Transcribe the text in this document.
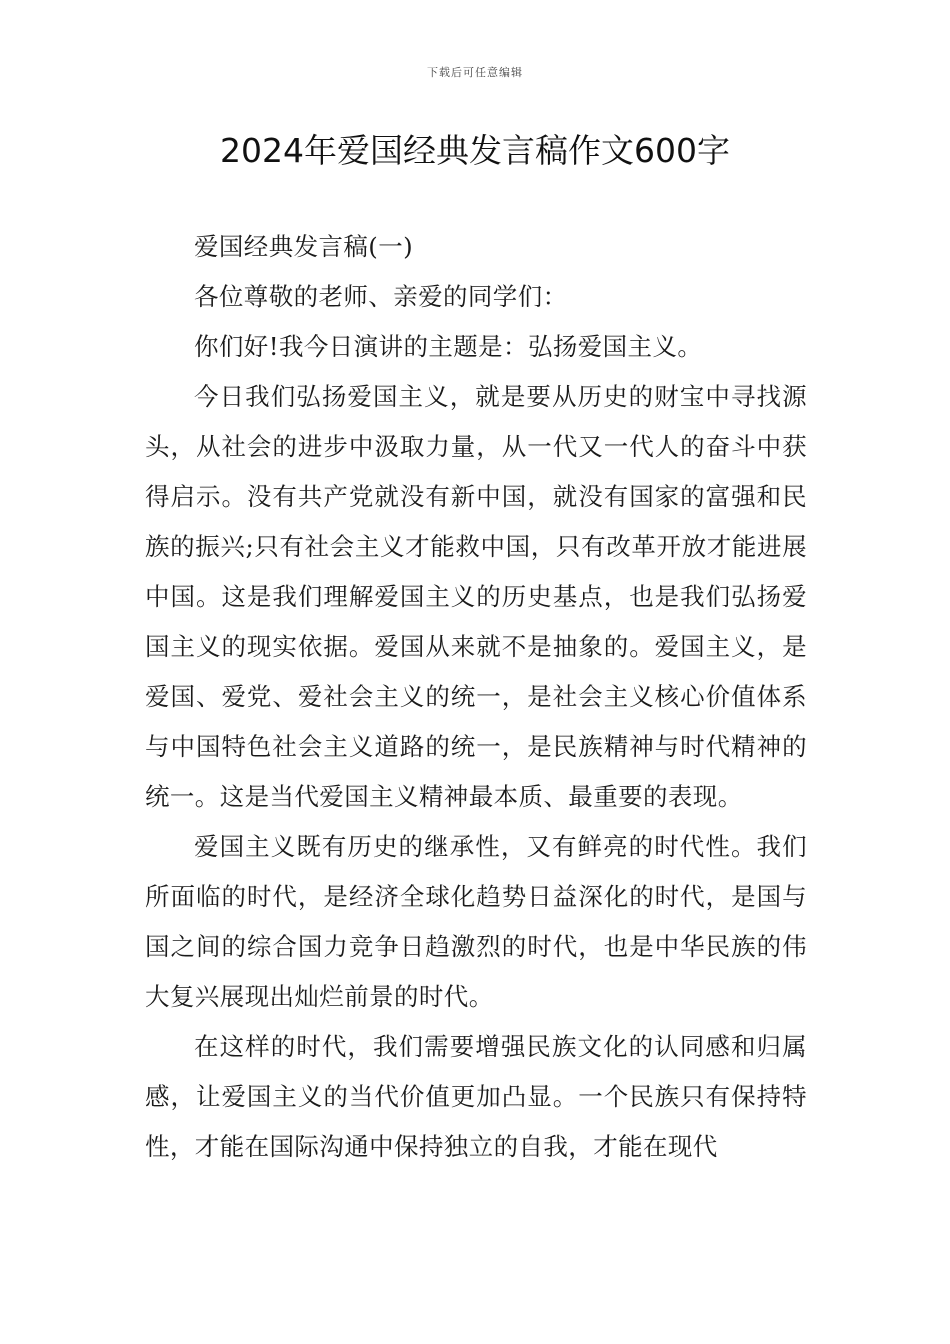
下载后可任意编辑
2024年爱国经典发言稿作文600字

爱国经典发言稿(一)

各位尊敬的老师、亲爱的同学们：

你们好!我今日演讲的主题是：弘扬爱国主义。

今日我们弘扬爱国主义，就是要从历史的财宝中寻找源头，从社会的进步中汲取力量，从一代又一代人的奋斗中获得启示。没有共产党就没有新中国，就没有国家的富强和民族的振兴;只有社会主义才能救中国，只有改革开放才能进展中国。这是我们理解爱国主义的历史基点，也是我们弘扬爱国主义的现实依据。爱国从来就不是抽象的。爱国主义，是爱国、爱党、爱社会主义的统一，是社会主义核心价值体系与中国特色社会主义道路的统一，是民族精神与时代精神的统一。这是当代爱国主义精神最本质、最重要的表现。

爱国主义既有历史的继承性，又有鲜亮的时代性。我们所面临的时代，是经济全球化趋势日益深化的时代，是国与国之间的综合国力竞争日趋激烈的时代，也是中华民族的伟大复兴展现出灿烂前景的时代。

在这样的时代，我们需要增强民族文化的认同感和归属感，让爱国主义的当代价值更加凸显。一个民族只有保持特性，才能在国际沟通中保持独立的自我，才能在现代
